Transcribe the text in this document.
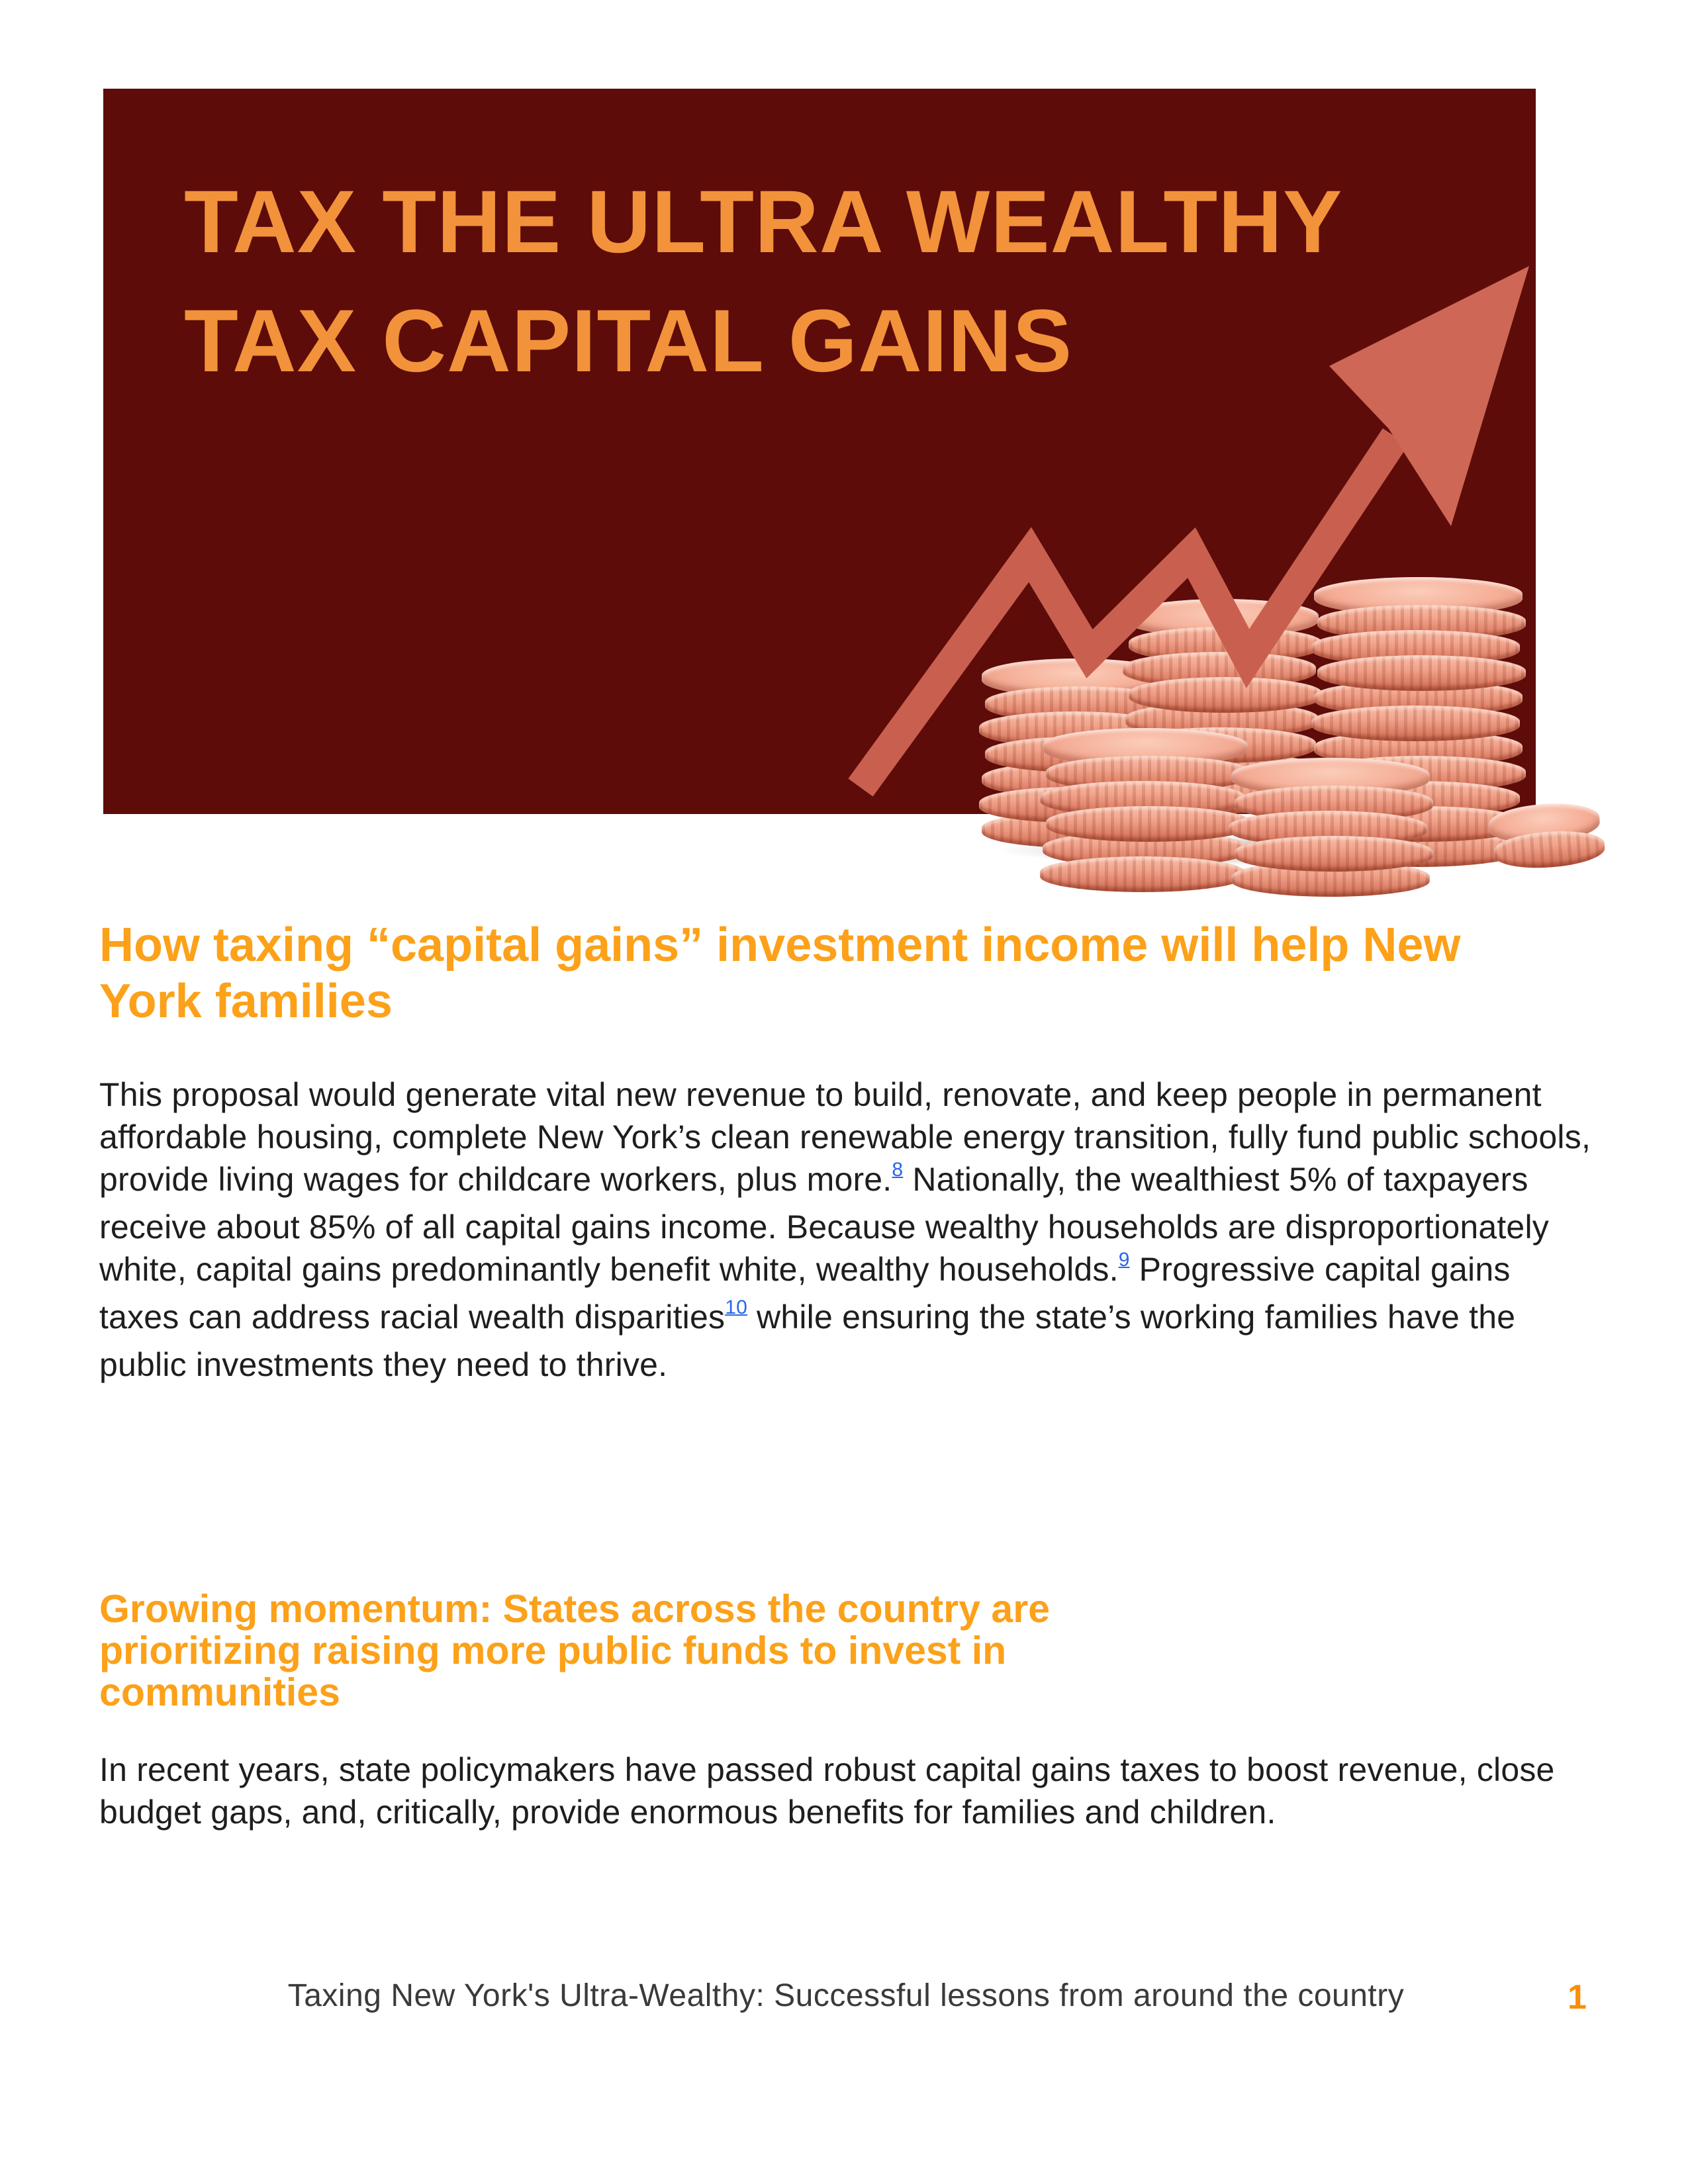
TAX THE ULTRA WEALTHY
TAX CAPITAL GAINS
How taxing “capital gains” investment income will help New York families

This proposal would generate vital new revenue to build, renovate, and keep people in permanent affordable housing, complete New York’s clean renewable energy transition, fully fund public schools, provide living wages for childcare workers, plus more.$^8$ Nationally, the wealthiest 5% of taxpayers receive about 85% of all capital gains income. Because wealthy households are disproportionately white, capital gains predominantly benefit white, wealthy households.$^9$ Progressive capital gains taxes can address racial wealth disparities$^{10}$ while ensuring the state’s working families have the public investments they need to thrive.

Growing momentum: States across the country are prioritizing raising more public funds to invest in communities

In recent years, state policymakers have passed robust capital gains taxes to boost revenue, close budget gaps, and, critically, provide enormous benefits for families and children.

Taxing New York's Ultra-Wealthy: Successful lessons from around the country	1
